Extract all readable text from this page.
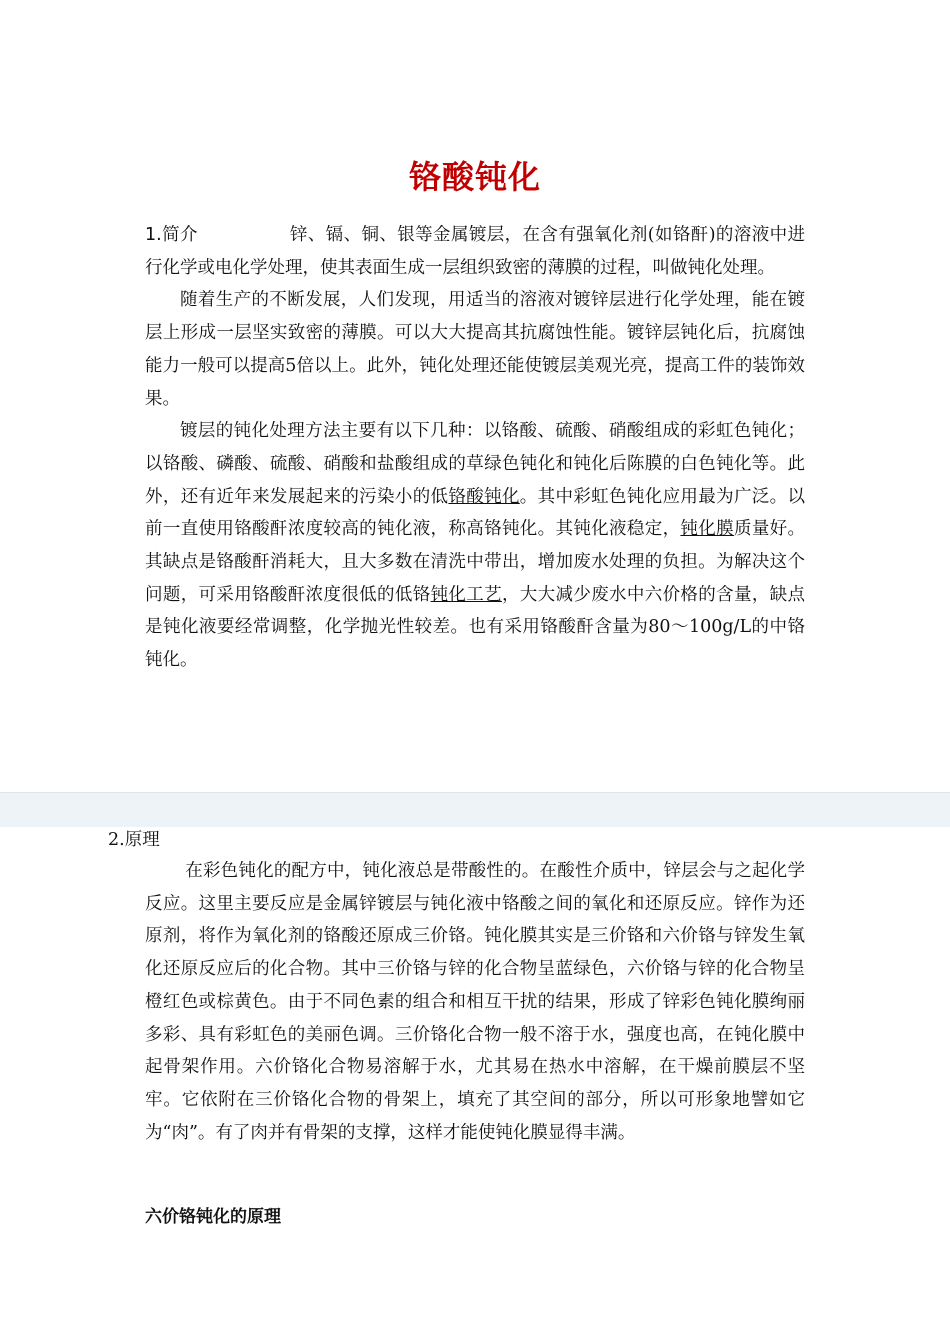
铬酸钝化

1.简介	锌、镉、铜、银等金属镀层，在含有强氧化剂(如铬酐)的溶液中进行化学或电化学处理，使其表面生成一层组织致密的薄膜的过程，叫做钝化处理。

随着生产的不断发展，人们发现，用适当的溶液对镀锌层进行化学处理，能在镀层上形成一层坚实致密的薄膜。可以大大提高其抗腐蚀性能。镀锌层钝化后，抗腐蚀能力一般可以提高5倍以上。此外，钝化处理还能使镀层美观光亮，提高工件的装饰效果。

镀层的钝化处理方法主要有以下几种：以铬酸、硫酸、硝酸组成的彩虹色钝化；以铬酸、磷酸、硫酸、硝酸和盐酸组成的草绿色钝化和钝化后陈膜的白色钝化等。此外，还有近年来发展起来的污染小的低铬酸钝化。其中彩虹色钝化应用最为广泛。以前一直使用铬酸酐浓度较高的钝化液，称高铬钝化。其钝化液稳定，钝化膜质量好。其缺点是铬酸酐消耗大，且大多数在清洗中带出，增加废水处理的负担。为解决这个问题，可采用铬酸酐浓度很低的低铬钝化工艺，大大减少废水中六价格的含量，缺点是钝化液要经常调整，化学抛光性较差。也有采用铬酸酐含量为80～100g/L的中铬钝化。

2.原理

在彩色钝化的配方中，钝化液总是带酸性的。在酸性介质中，锌层会与之起化学反应。这里主要反应是金属锌镀层与钝化液中铬酸之间的氧化和还原反应。锌作为还原剂，将作为氧化剂的铬酸还原成三价铬。钝化膜其实是三价铬和六价铬与锌发生氧化还原反应后的化合物。其中三价铬与锌的化合物呈蓝绿色，六价铬与锌的化合物呈橙红色或棕黄色。由于不同色素的组合和相互干扰的结果，形成了锌彩色钝化膜绚丽多彩、具有彩虹色的美丽色调。三价铬化合物一般不溶于水，强度也高，在钝化膜中起骨架作用。六价铬化合物易溶解于水，尤其易在热水中溶解，在干燥前膜层不坚牢。它依附在三价铬化合物的骨架上，填充了其空间的部分，所以可形象地譬如它为“肉”。有了肉并有骨架的支撑，这样才能使钝化膜显得丰满。

六价铬钝化的原理
